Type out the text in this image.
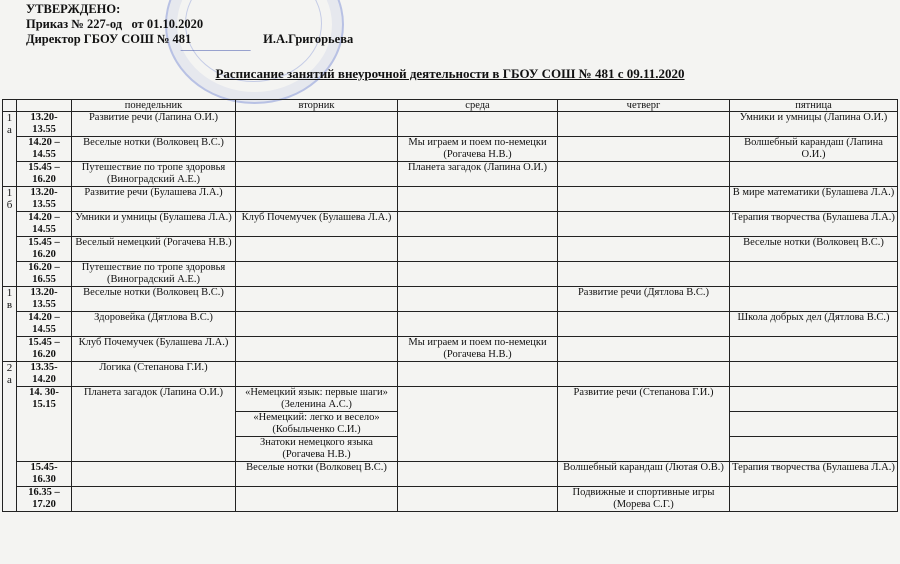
УТВЕРЖДЕНО:
Приказ № 227-од   от 01.10.2020
Директор ГБОУ СОШ № 481	И.А.Григорьева
Расписание занятий внеурочной деятельности в ГБОУ СОШ № 481 с 09.11.2020
		понедельник	вторник	среда	четверг	пятница
1 а	13.20-13.55	Развитие речи (Лапина О.И.)				Умники и умницы (Лапина О.И.)
	14.20 – 14.55	Веселые нотки (Волковец В.С.)		Мы играем и поем по-немецки (Рогачева Н.В.)		Волшебный карандаш (Лапина О.И.)
	15.45 – 16.20	Путешествие по тропе здоровья (Виноградский А.Е.)		Планета загадок (Лапина О.И.)		
1 б	13.20-13.55	Развитие речи (Булашева Л.А.)				В мире математики (Булашева Л.А.)
	14.20 – 14.55	Умники и умницы (Булашева Л.А.)	Клуб Почемучек (Булашева Л.А.)			Терапия творчества (Булашева Л.А.)
	15.45 – 16.20	Веселый немецкий (Рогачева Н.В.)				Веселые нотки (Волковец В.С.)
	16.20 – 16.55	Путешествие по тропе здоровья (Виноградский А.Е.)				
1 в	13.20-13.55	Веселые нотки (Волковец В.С.)			Развитие речи (Дятлова В.С.)	
	14.20 – 14.55	Здоровейка (Дятлова В.С.)				Школа добрых дел (Дятлова В.С.)
	15.45 – 16.20	Клуб Почемучек (Булашева Л.А.)		Мы играем и поем по-немецки (Рогачева Н.В.)		
2 а	13.35-14.20	Логика (Степанова Г.И.)				
	14. 30-15.15	Планета загадок (Лапина О.И.)	«Немецкий язык: первые шаги» (Зеленина А.С.)		Развитие речи (Степанова Г.И.)	
			«Немецкий: легко и весело» (Кобыльченко С.И.)			
			Знатоки немецкого языка (Рогачева Н.В.)			
	15.45-16.30		Веселые нотки (Волковец В.С.)		Волшебный карандаш (Лютая О.В.)	Терапия творчества (Булашева Л.А.)
	16.35 – 17.20				Подвижные и спортивные игры (Морева С.Г.)	
